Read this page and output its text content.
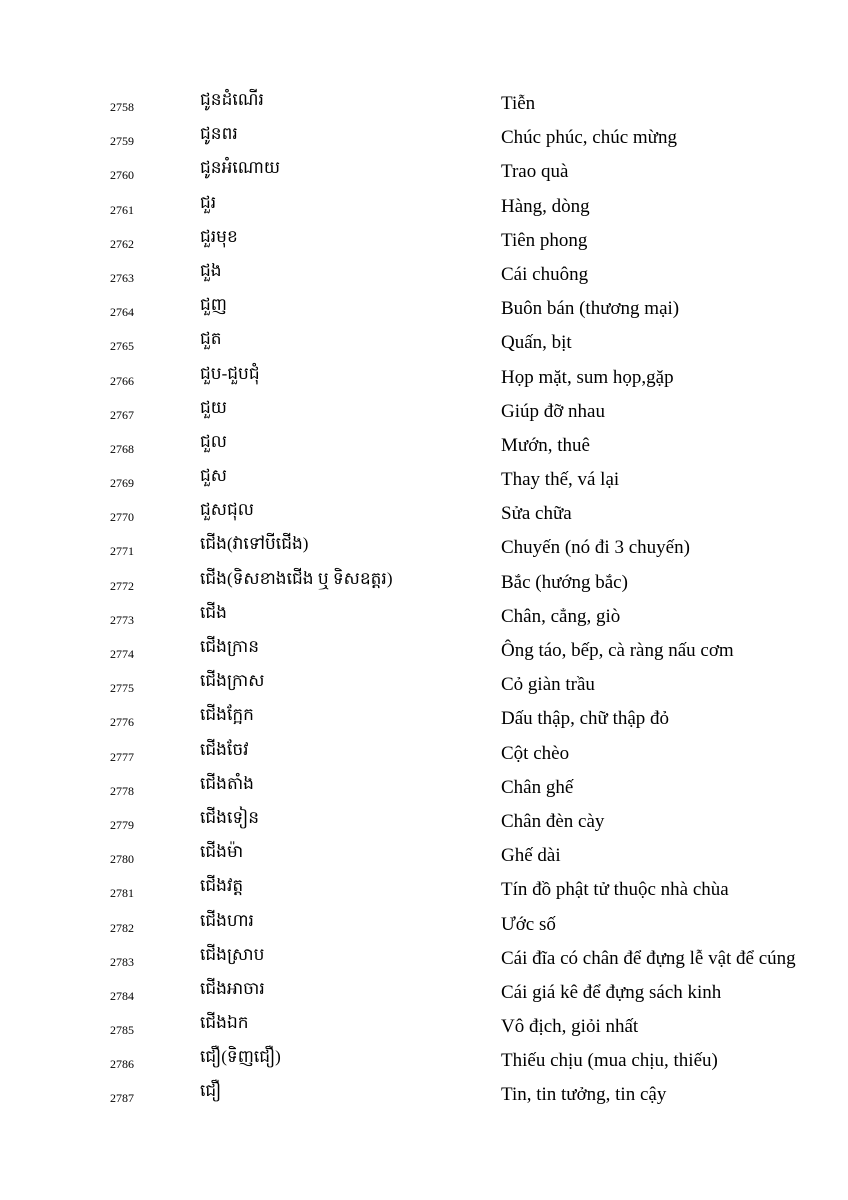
2758	ជូនដំណើរ	Tiễn
2759	ជូនពរ	Chúc phúc, chúc mừng
2760	ជូនអំណោយ	Trao quà
2761	ជួរ	Hàng, dòng
2762	ជួរមុខ	Tiên phong
2763	ជួង	Cái chuông
2764	ជួញ	Buôn bán (thương mại)
2765	ជួត	Quấn, bịt
2766	ជួប-ជួបជុំ	Họp mặt, sum họp,gặp
2767	ជួយ	Giúp đỡ nhau
2768	ជួល	Mướn, thuê
2769	ជួស	Thay thế, vá lại
2770	ជួសជុល	Sửa chữa
2771	ជើង(វាទៅបីជើង)	Chuyến (nó đi 3 chuyến)
2772	ជើង(ទិសខាងជើង ឬ ទិសឧត្តរ)	Bắc (hướng bắc)
2773	ជើង	Chân, cẳng, giò
2774	ជើងក្រាន	Ông táo, bếp, cà ràng nấu cơm
2775	ជើងក្រាស	Cỏ giàn trầu
2776	ជើងក្អែក	Dấu thập, chữ thập đỏ
2777	ជើងចែវ	Cột chèo
2778	ជើងតាំង	Chân ghế
2779	ជើងទៀន	Chân đèn cày
2780	ជើងម៉ា	Ghế dài
2781	ជើងវត្ត	Tín đồ phật tử thuộc nhà chùa
2782	ជើងហារ	Ước số
2783	ជើងស្រាប	Cái đĩa có chân để đựng lễ vật để cúng
2784	ជើងអាចារ	Cái giá kê để đựng sách kinh
2785	ជើងឯក	Vô địch, giỏi nhất
2786	ជឿ(ទិញជឿ)	Thiếu chịu (mua chịu, thiếu)
2787	ជឿ	Tin, tin tưởng, tin cậy
